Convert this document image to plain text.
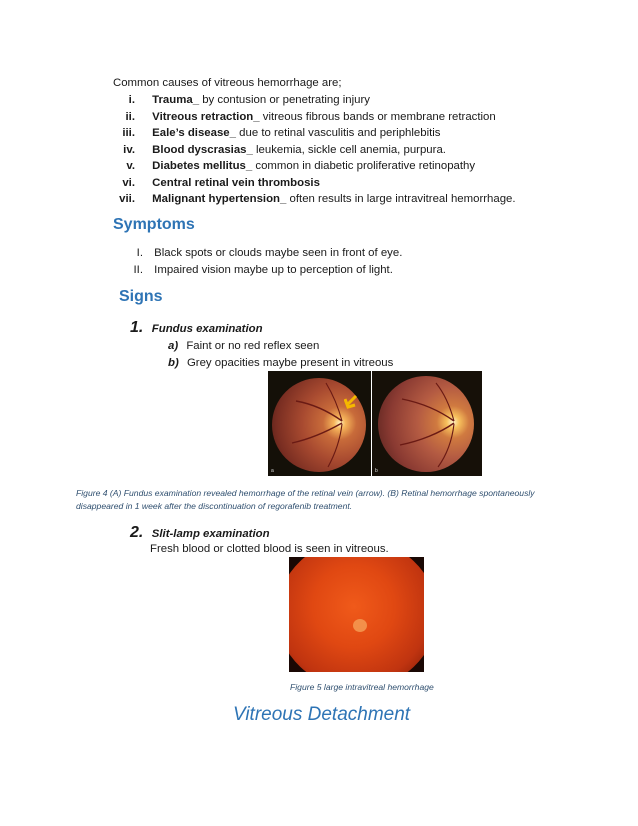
Common causes of vitreous hemorrhage are;
i. Trauma_ by contusion or penetrating injury
ii. Vitreous retraction_ vitreous fibrous bands or membrane retraction
iii. Eale’s disease_ due to retinal vasculitis and periphlebitis
iv. Blood dyscrasias_ leukemia, sickle cell anemia, purpura.
v. Diabetes mellitus_ common in diabetic proliferative retinopathy
vi. Central retinal vein thrombosis
vii. Malignant hypertension_ often results in large intravitreal hemorrhage.
Symptoms
I. Black spots or clouds maybe seen in front of eye.
II. Impaired vision maybe up to perception of light.
Signs
1. Fundus examination
a) Faint or no red reflex seen
b) Grey opacities maybe present in vitreous
a	b
Figure 4 (A) Fundus examination revealed hemorrhage of the retinal vein (arrow). (B) Retinal hemorrhage spontaneously
disappeared in 1 week after the discontinuation of regorafenib treatment.
2. Slit-lamp examination
Fresh blood or clotted blood is seen in vitreous.
Figure 5 large intravitreal hemorrhage
Vitreous Detachment
